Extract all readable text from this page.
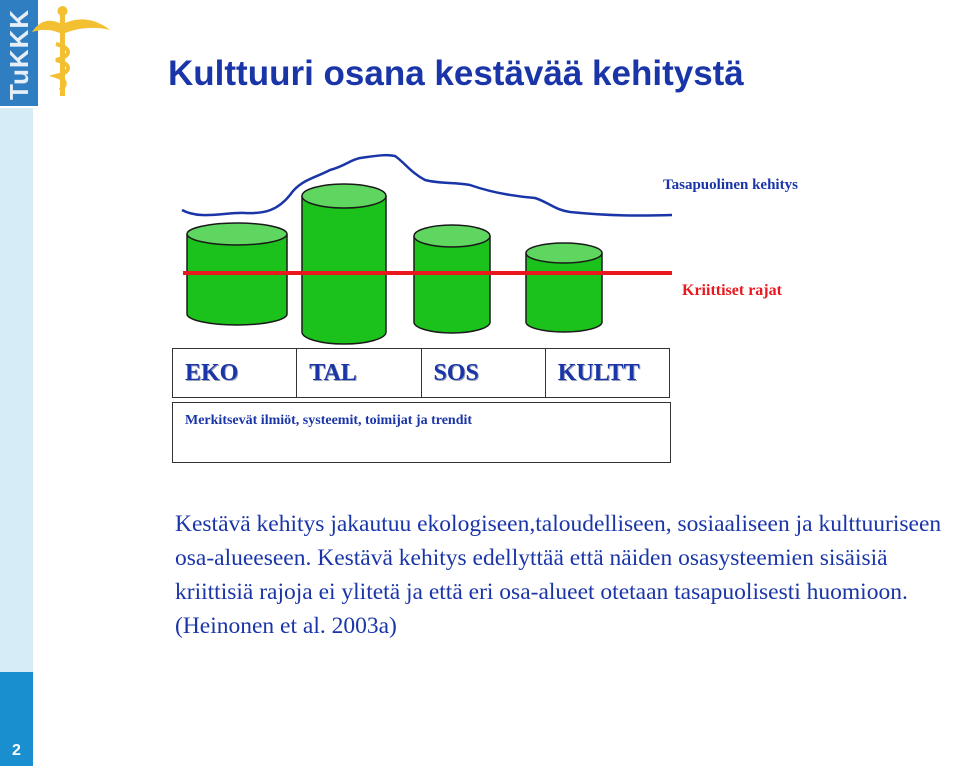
2
TuKKK	Kulttuuri osana kestävää kehitystä
Tasapuolinen kehitys
Kriittiset rajat
EKO	TAL	SOS	KULTT
Merkitsevät ilmiöt, systeemit, toimijat ja trendit

Kestävä kehitys jakautuu ekologiseen,taloudelliseen, sosiaaliseen ja kulttuuriseen osa-alueeseen. Kestävä kehitys edellyttää että näiden osasysteemien sisäisiä kriittisiä rajoja ei ylitetä ja että eri osa-alueet otetaan tasapuolisesti huomioon. (Heinonen et al. 2003a)
